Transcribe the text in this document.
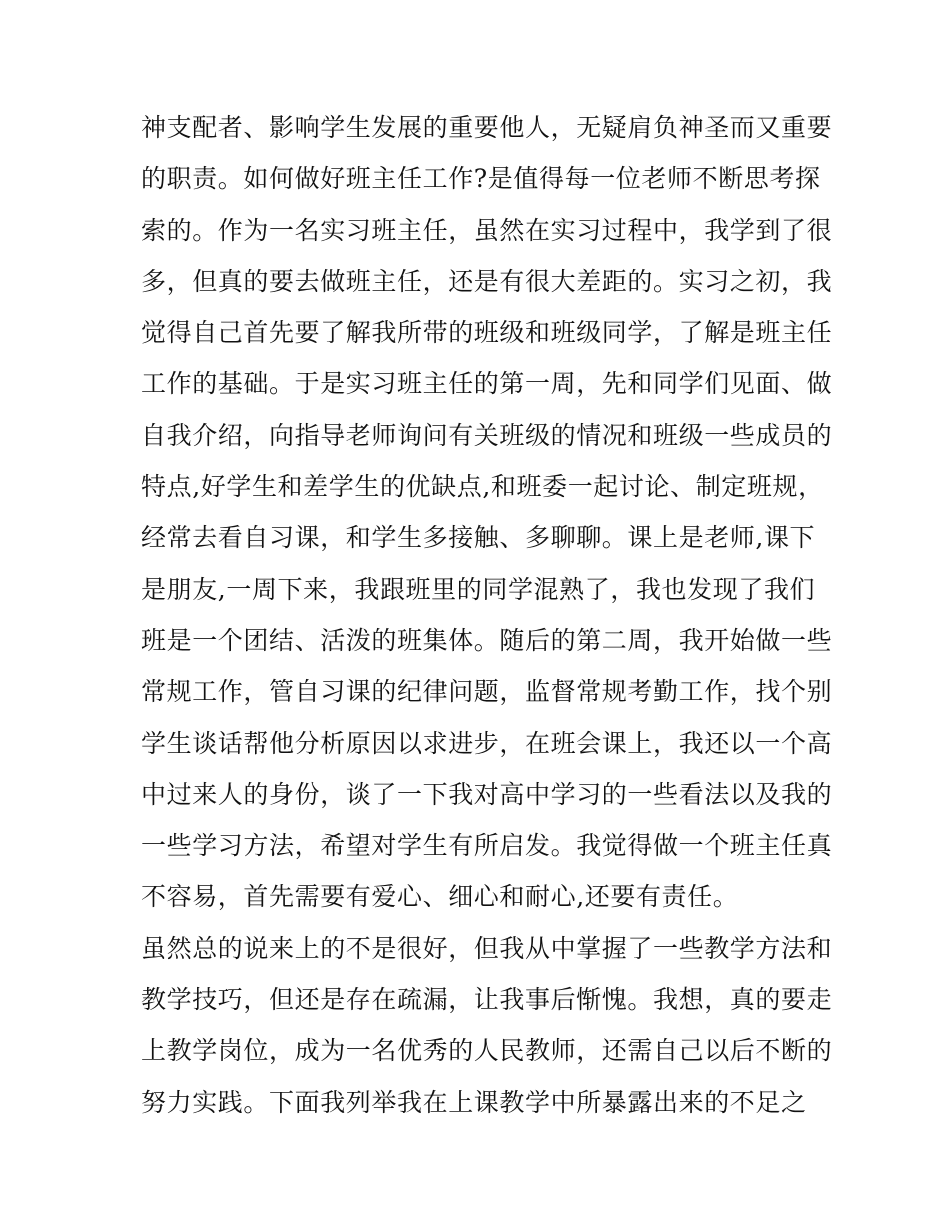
神支配者、影响学生发展的重要他人，无疑肩负神圣而又重要
的职责。如何做好班主任工作?是值得每一位老师不断思考探
索的。作为一名实习班主任，虽然在实习过程中，我学到了很
多，但真的要去做班主任，还是有很大差距的。实习之初，我
觉得自己首先要了解我所带的班级和班级同学，了解是班主任
工作的基础。于是实习班主任的第一周，先和同学们见面、做
自我介绍，向指导老师询问有关班级的情况和班级一些成员的
特点,好学生和差学生的优缺点,和班委一起讨论、制定班规，
经常去看自习课，和学生多接触、多聊聊。课上是老师,课下
是朋友,一周下来，我跟班里的同学混熟了，我也发现了我们
班是一个团结、活泼的班集体。随后的第二周，我开始做一些
常规工作，管自习课的纪律问题，监督常规考勤工作，找个别
学生谈话帮他分析原因以求进步，在班会课上，我还以一个高
中过来人的身份，谈了一下我对高中学习的一些看法以及我的
一些学习方法，希望对学生有所启发。我觉得做一个班主任真
不容易，首先需要有爱心、细心和耐心,还要有责任。
虽然总的说来上的不是很好，但我从中掌握了一些教学方法和
教学技巧，但还是存在疏漏，让我事后惭愧。我想，真的要走
上教学岗位，成为一名优秀的人民教师，还需自己以后不断的
努力实践。下面我列举我在上课教学中所暴露出来的不足之
